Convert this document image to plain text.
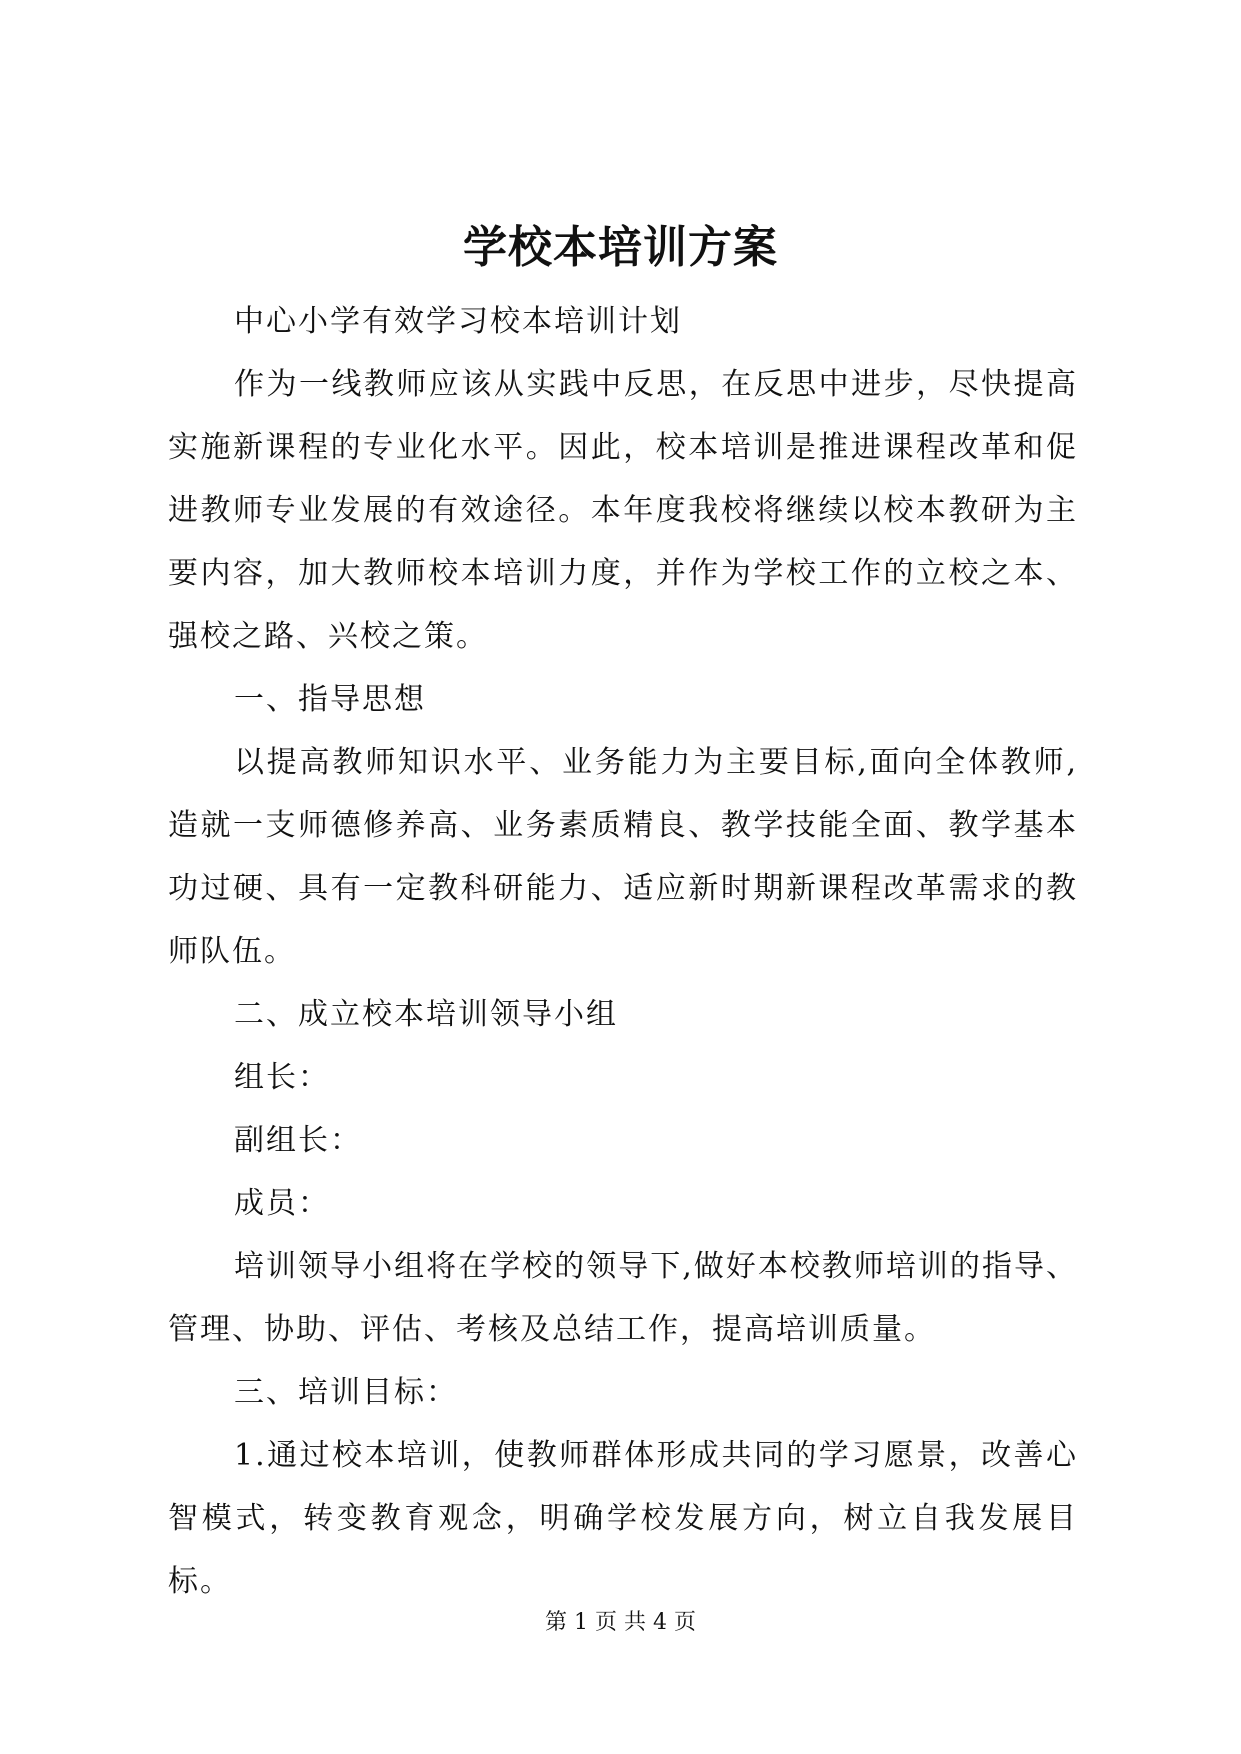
学校本培训方案

中心小学有效学习校本培训计划

作为一线教师应该从实践中反思，在反思中进步，尽快提高实施新课程的专业化水平。因此，校本培训是推进课程改革和促进教师专业发展的有效途径。本年度我校将继续以校本教研为主要内容，加大教师校本培训力度，并作为学校工作的立校之本、强校之路、兴校之策。

一、指导思想

以提高教师知识水平、业务能力为主要目标,面向全体教师,造就一支师德修养高、业务素质精良、教学技能全面、教学基本功过硬、具有一定教科研能力、适应新时期新课程改革需求的教师队伍。

二、成立校本培训领导小组

组长：

副组长：

成员：

培训领导小组将在学校的领导下,做好本校教师培训的指导、管理、协助、评估、考核及总结工作，提高培训质量。

三、培训目标：

1.通过校本培训，使教师群体形成共同的学习愿景，改善心智模式，转变教育观念，明确学校发展方向，树立自我发展目标。

第 1 页 共 4 页
